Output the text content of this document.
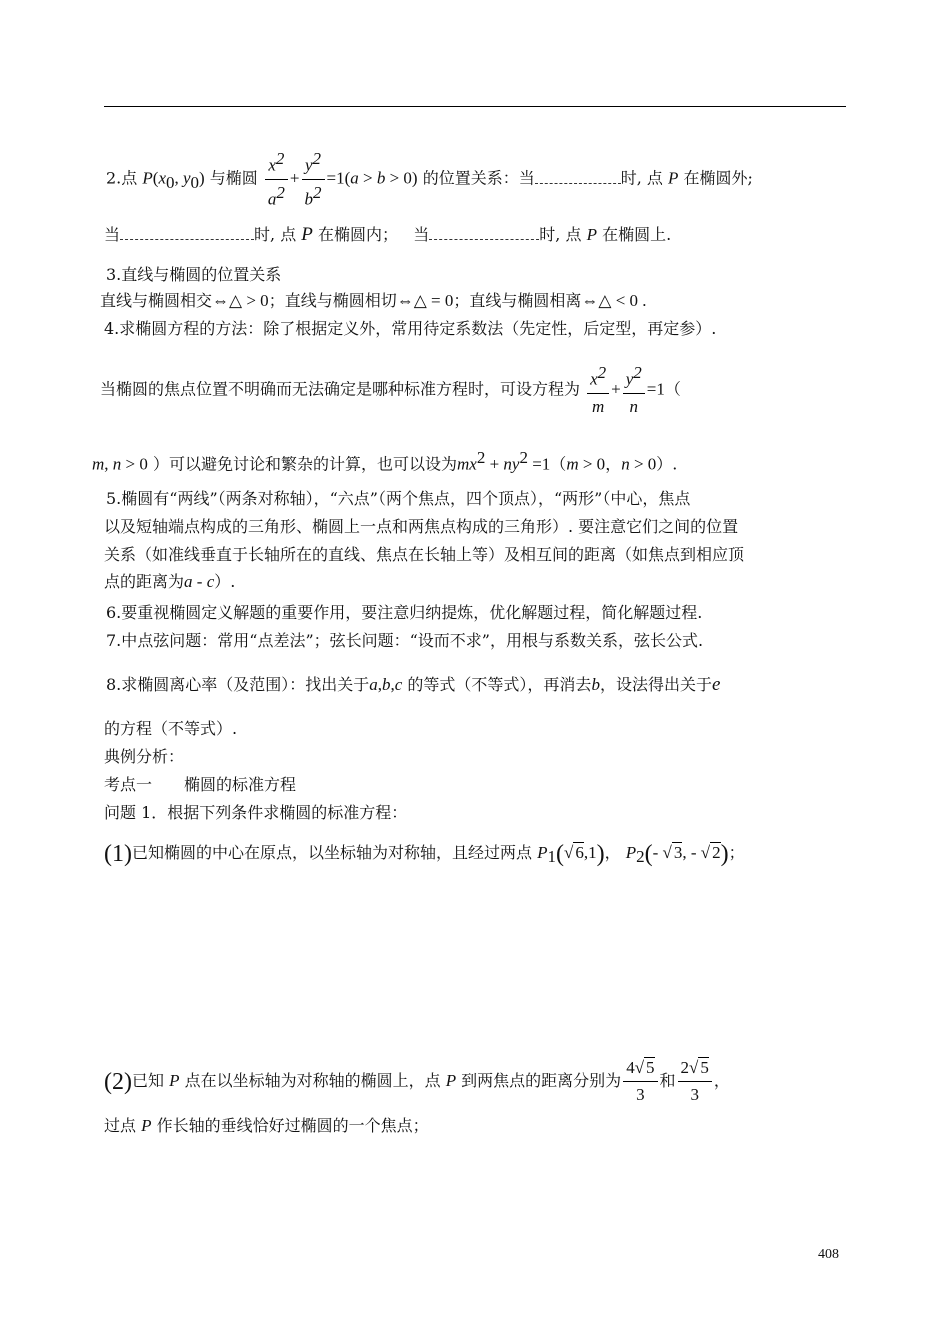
2.点 $P(x_0$, $y_0$) 与椭圆 $\frac{x^2}{a^2} + \frac{y^2}{b^2} =1(a > b > 0)$ 的位置关系：当	时, 点 P 在椭圆外;
当	时, 点 P 在椭圆内； 当	时, 点 P 在椭圆上.
3.直线与椭圆的位置关系
直线与椭圆相交⇔△ > 0；直线与椭圆相切⇔△ = 0；直线与椭圆相离⇔△ < 0 .
4.求椭圆方程的方法：除了根据定义外，常用待定系数法（先定性，后定型，再定参）.
当椭圆的焦点位置不明确而无法确定是哪种标准方程时，可设方程为 $\frac{x^2}{m} + \frac{y^2}{n} =1$（
m, n > 0 ）可以避免讨论和繁杂的计算，也可以设为$mx^2 + ny^2 =1(m > 0$，n > 0）.
5.椭圆有“两线”（两条对称轴），“六点”（两个焦点，四个顶点），“两形”（中心，焦点
以及短轴端点构成的三角形、椭圆上一点和两焦点构成的三角形）. 要注意它们之间的位置
关系（如准线垂直于长轴所在的直线、焦点在长轴上等）及相互间的距离（如焦点到相应顶
点的距离为a - c）.
6.要重视椭圆定义解题的重要作用，要注意归纳提炼，优化解题过程，简化解题过程.
7.中点弦问题：常用“点差法”；弦长问题：“设而不求”，用根与系数关系，弦长公式.
8.求椭圆离心率（及范围）：找出关于a,b,c 的等式（不等式），再消去b，设法得出关于e
的方程（不等式）.
典例分析：
考点一　　椭圆的标准方程
问题 1．根据下列条件求椭圆的标准方程：
(1)已知椭圆的中心在原点，以坐标轴为对称轴，且经过两点 $P_1(√$ 6,1)， $P_2(-$ √ 3, - √ 2)；
(2)已知 P 点在以坐标轴为对称轴的椭圆上，点 P 到两焦点的距离分别为 $\frac{4√ 5}{3}$ 和 $\frac{2√ 5}{3}$ ，
过点 P 作长轴的垂线恰好过椭圆的一个焦点；
408
